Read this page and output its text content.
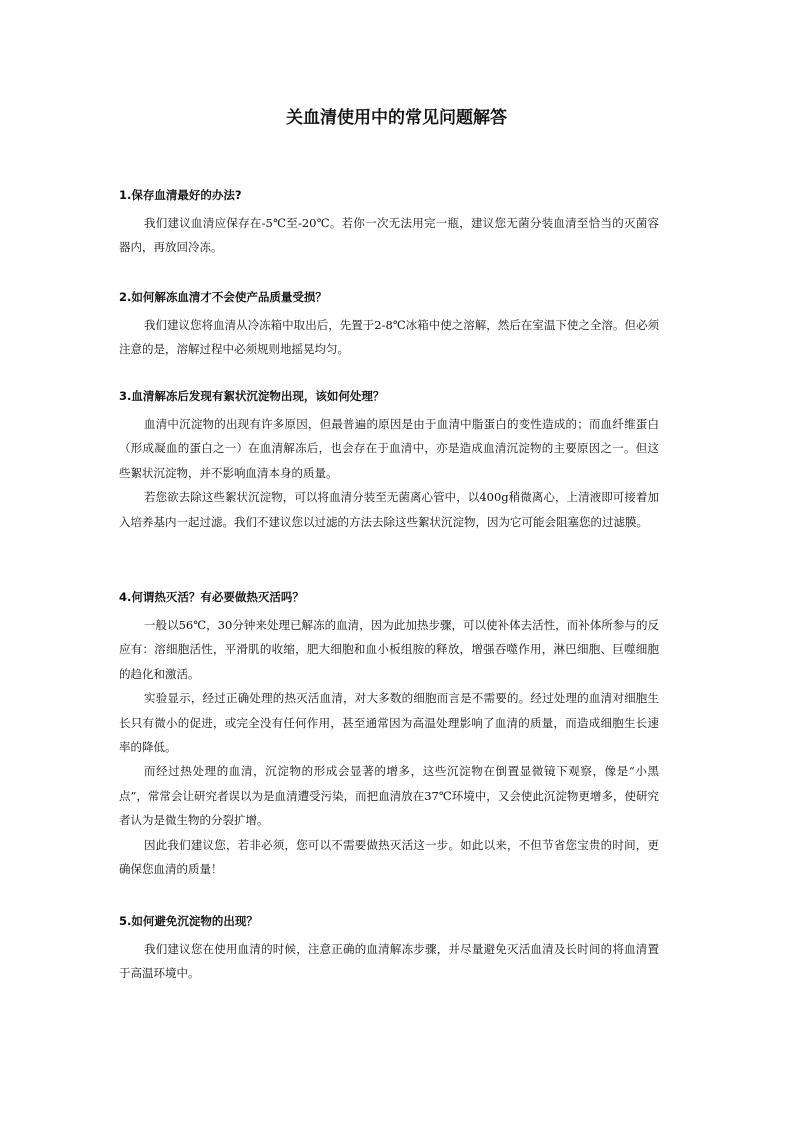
关血清使用中的常见问题解答
1.保存血清最好的办法?

我们建议血清应保存在-5℃至-20℃。若你一次无法用完一瓶，建议您无菌分装血清至恰当的灭菌容器内，再放回冷冻。

2.如何解冻血清才不会使产品质量受损？

我们建议您将血清从冷冻箱中取出后，先置于2-8℃冰箱中使之溶解，然后在室温下使之全溶。但必须注意的是，溶解过程中必须规则地摇晃均匀。

3.血清解冻后发现有絮状沉淀物出现，该如何处理？

血清中沉淀物的出现有许多原因，但最普遍的原因是由于血清中脂蛋白的变性造成的；而血纤维蛋白（形成凝血的蛋白之一）在血清解冻后，也会存在于血清中，亦是造成血清沉淀物的主要原因之一。但这些絮状沉淀物，并不影响血清本身的质量。

若您欲去除这些絮状沉淀物，可以将血清分装至无菌离心管中，以400g稍微离心，上清液即可接着加入培养基内一起过滤。我们不建议您以过滤的方法去除这些絮状沉淀物，因为它可能会阻塞您的过滤膜。

4.何谓热灭活？有必要做热灭活吗？

一般以56℃，30分钟来处理已解冻的血清，因为此加热步骤，可以使补体去活性，而补体所参与的反应有：溶细胞活性，平滑肌的收缩，肥大细胞和血小板组胺的释放，增强吞噬作用，淋巴细胞、巨噬细胞的趋化和激活。

实验显示，经过正确处理的热灭活血清，对大多数的细胞而言是不需要的。经过处理的血清对细胞生长只有微小的促进，或完全没有任何作用，甚至通常因为高温处理影响了血清的质量，而造成细胞生长速率的降低。

而经过热处理的血清，沉淀物的形成会显著的增多，这些沉淀物在倒置显微镜下观察，像是“小黑点”，常常会让研究者误以为是血清遭受污染，而把血清放在37℃环境中，又会使此沉淀物更增多，使研究者认为是微生物的分裂扩增。

因此我们建议您，若非必须，您可以不需要做热灭活这一步。如此以来，不但节省您宝贵的时间，更确保您血清的质量！

5.如何避免沉淀物的出现？

我们建议您在使用血清的时候，注意正确的血清解冻步骤，并尽量避免灭活血清及长时间的将血清置于高温环境中。
